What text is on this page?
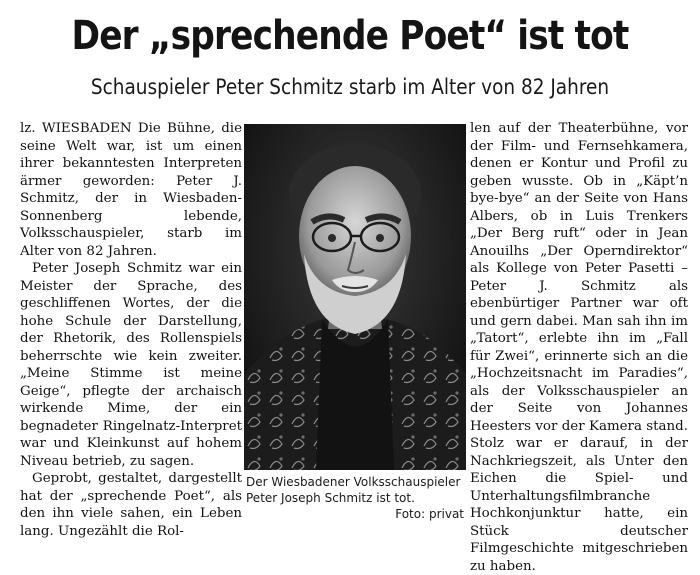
Der „sprechende Poet“ ist tot
Schauspieler Peter Schmitz starb im Alter von 82 Jahren

lz. WIESBADEN Die Bühne, die seine Welt war, ist um einen ihrer bekanntesten Interpreten ärmer geworden: Peter J. Schmitz, der in Wiesbaden-Sonnenberg lebende, Volksschauspieler, starb im Alter von 82 Jahren.

Peter Joseph Schmitz war ein Meister der Sprache, des geschliffenen Wortes, der die hohe Schule der Darstellung, der Rhetorik, des Rollenspiels beherrschte wie kein zweiter. „Meine Stimme ist meine Geige“, pflegte der archaisch wirkende Mime, der ein begnadeter Ringelnatz-Interpret war und Kleinkunst auf hohem Niveau betrieb, zu sagen.

Geprobt, gestaltet, dargestellt hat der „sprechende Poet“, als den ihn viele sahen, ein Leben lang. Ungezählt die Rol-

Der Wiesbadener Volksschauspieler Peter Joseph Schmitz ist tot.
Foto: privat

len auf der Theaterbühne, vor der Film- und Fernsehkamera, denen er Kontur und Profil zu geben wusste. Ob in „Käpt’n bye-bye“ an der Seite von Hans Albers, ob in Luis Trenkers „Der Berg ruft“ oder in Jean Anouilhs „Der Operndirektor“ als Kollege von Peter Pasetti – Peter J. Schmitz als ebenbürtiger Partner war oft und gern dabei. Man sah ihn im „Tatort“, erlebte ihn im „Fall für Zwei“, erinnerte sich an die „Hochzeitsnacht im Paradies“, als der Volksschauspieler an der Seite von Johannes Heesters vor der Kamera stand. Stolz war er darauf, in der Nachkriegszeit, als Unter den Eichen die Spiel- und Unterhaltungsfilmbranche Hochkonjunktur hatte, ein Stück deutscher Filmgeschichte mitgeschrieben zu haben.
